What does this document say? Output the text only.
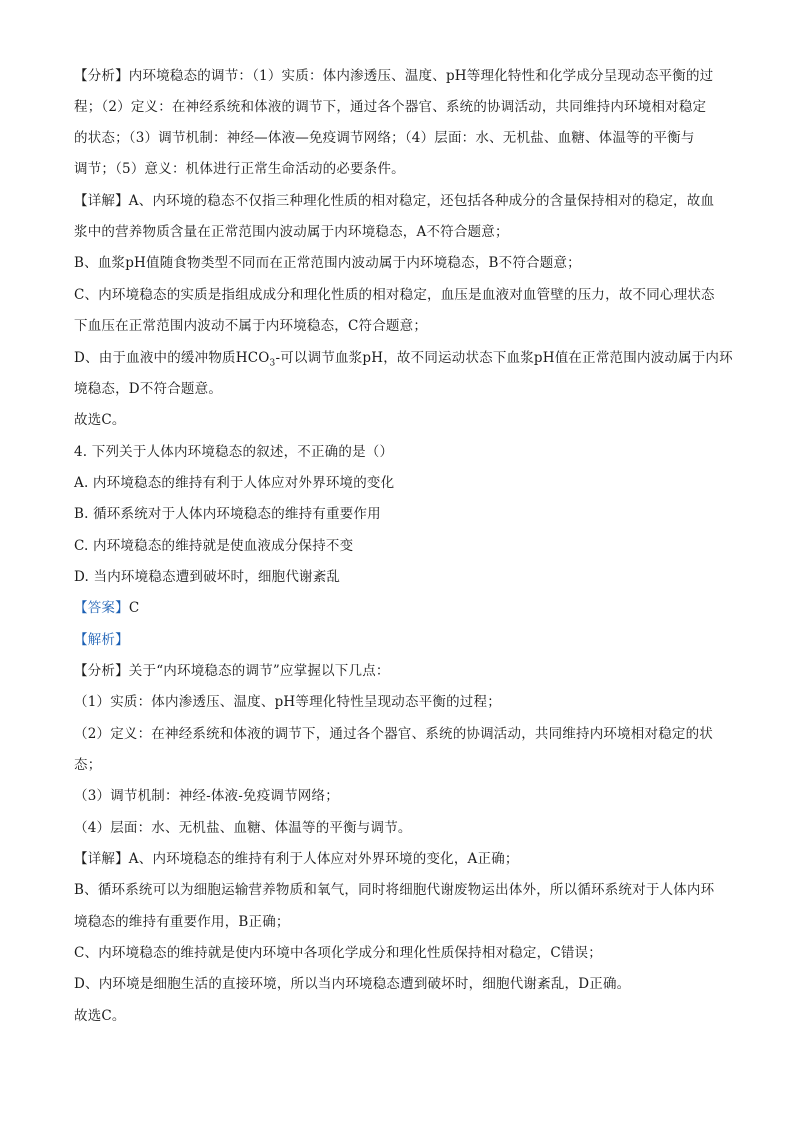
【分析】内环境稳态的调节：（1）实质：体内渗透压、温度、pH等理化特性和化学成分呈现动态平衡的过
程；（2）定义：在神经系统和体液的调节下，通过各个器官、系统的协调活动，共同维持内环境相对稳定
的状态；（3）调节机制：神经—体液—免疫调节网络；（4）层面：水、无机盐、血糖、体温等的平衡与
调节；（5）意义：机体进行正常生命活动的必要条件。
【详解】A、内环境的稳态不仅指三种理化性质的相对稳定，还包括各种成分的含量保持相对的稳定，故血
浆中的营养物质含量在正常范围内波动属于内环境稳态，A不符合题意；
B、血浆pH值随食物类型不同而在正常范围内波动属于内环境稳态，B不符合题意；
C、内环境稳态的实质是指组成成分和理化性质的相对稳定，血压是血液对血管壁的压力，故不同心理状态
下血压在正常范围内波动不属于内环境稳态，C符合题意；
D、由于血液中的缓冲物质$HCO_3-$可以调节血浆pH，故不同运动状态下血浆pH值在正常范围内波动属于内环
境稳态，D不符合题意。
故选C。
4. 下列关于人体内环境稳态的叙述，不正确的是（）
A. 内环境稳态的维持有利于人体应对外界环境的变化
B. 循环系统对于人体内环境稳态的维持有重要作用
C. 内环境稳态的维持就是使血液成分保持不变
D. 当内环境稳态遭到破坏时，细胞代谢紊乱
【答案】C
【解析】
【分析】关于“内环境稳态的调节”应掌握以下几点：
（1）实质：体内渗透压、温度、pH等理化特性呈现动态平衡的过程；
（2）定义：在神经系统和体液的调节下，通过各个器官、系统的协调活动，共同维持内环境相对稳定的状
态；
（3）调节机制：神经-体液-免疫调节网络；
（4）层面：水、无机盐、血糖、体温等的平衡与调节。
【详解】A、内环境稳态的维持有利于人体应对外界环境的变化，A正确；
B、循环系统可以为细胞运输营养物质和氧气，同时将细胞代谢废物运出体外，所以循环系统对于人体内环
境稳态的维持有重要作用，B正确；
C、内环境稳态的维持就是使内环境中各项化学成分和理化性质保持相对稳定，C错误；
D、内环境是细胞生活的直接环境，所以当内环境稳态遭到破坏时，细胞代谢紊乱，D正确。
故选C。
